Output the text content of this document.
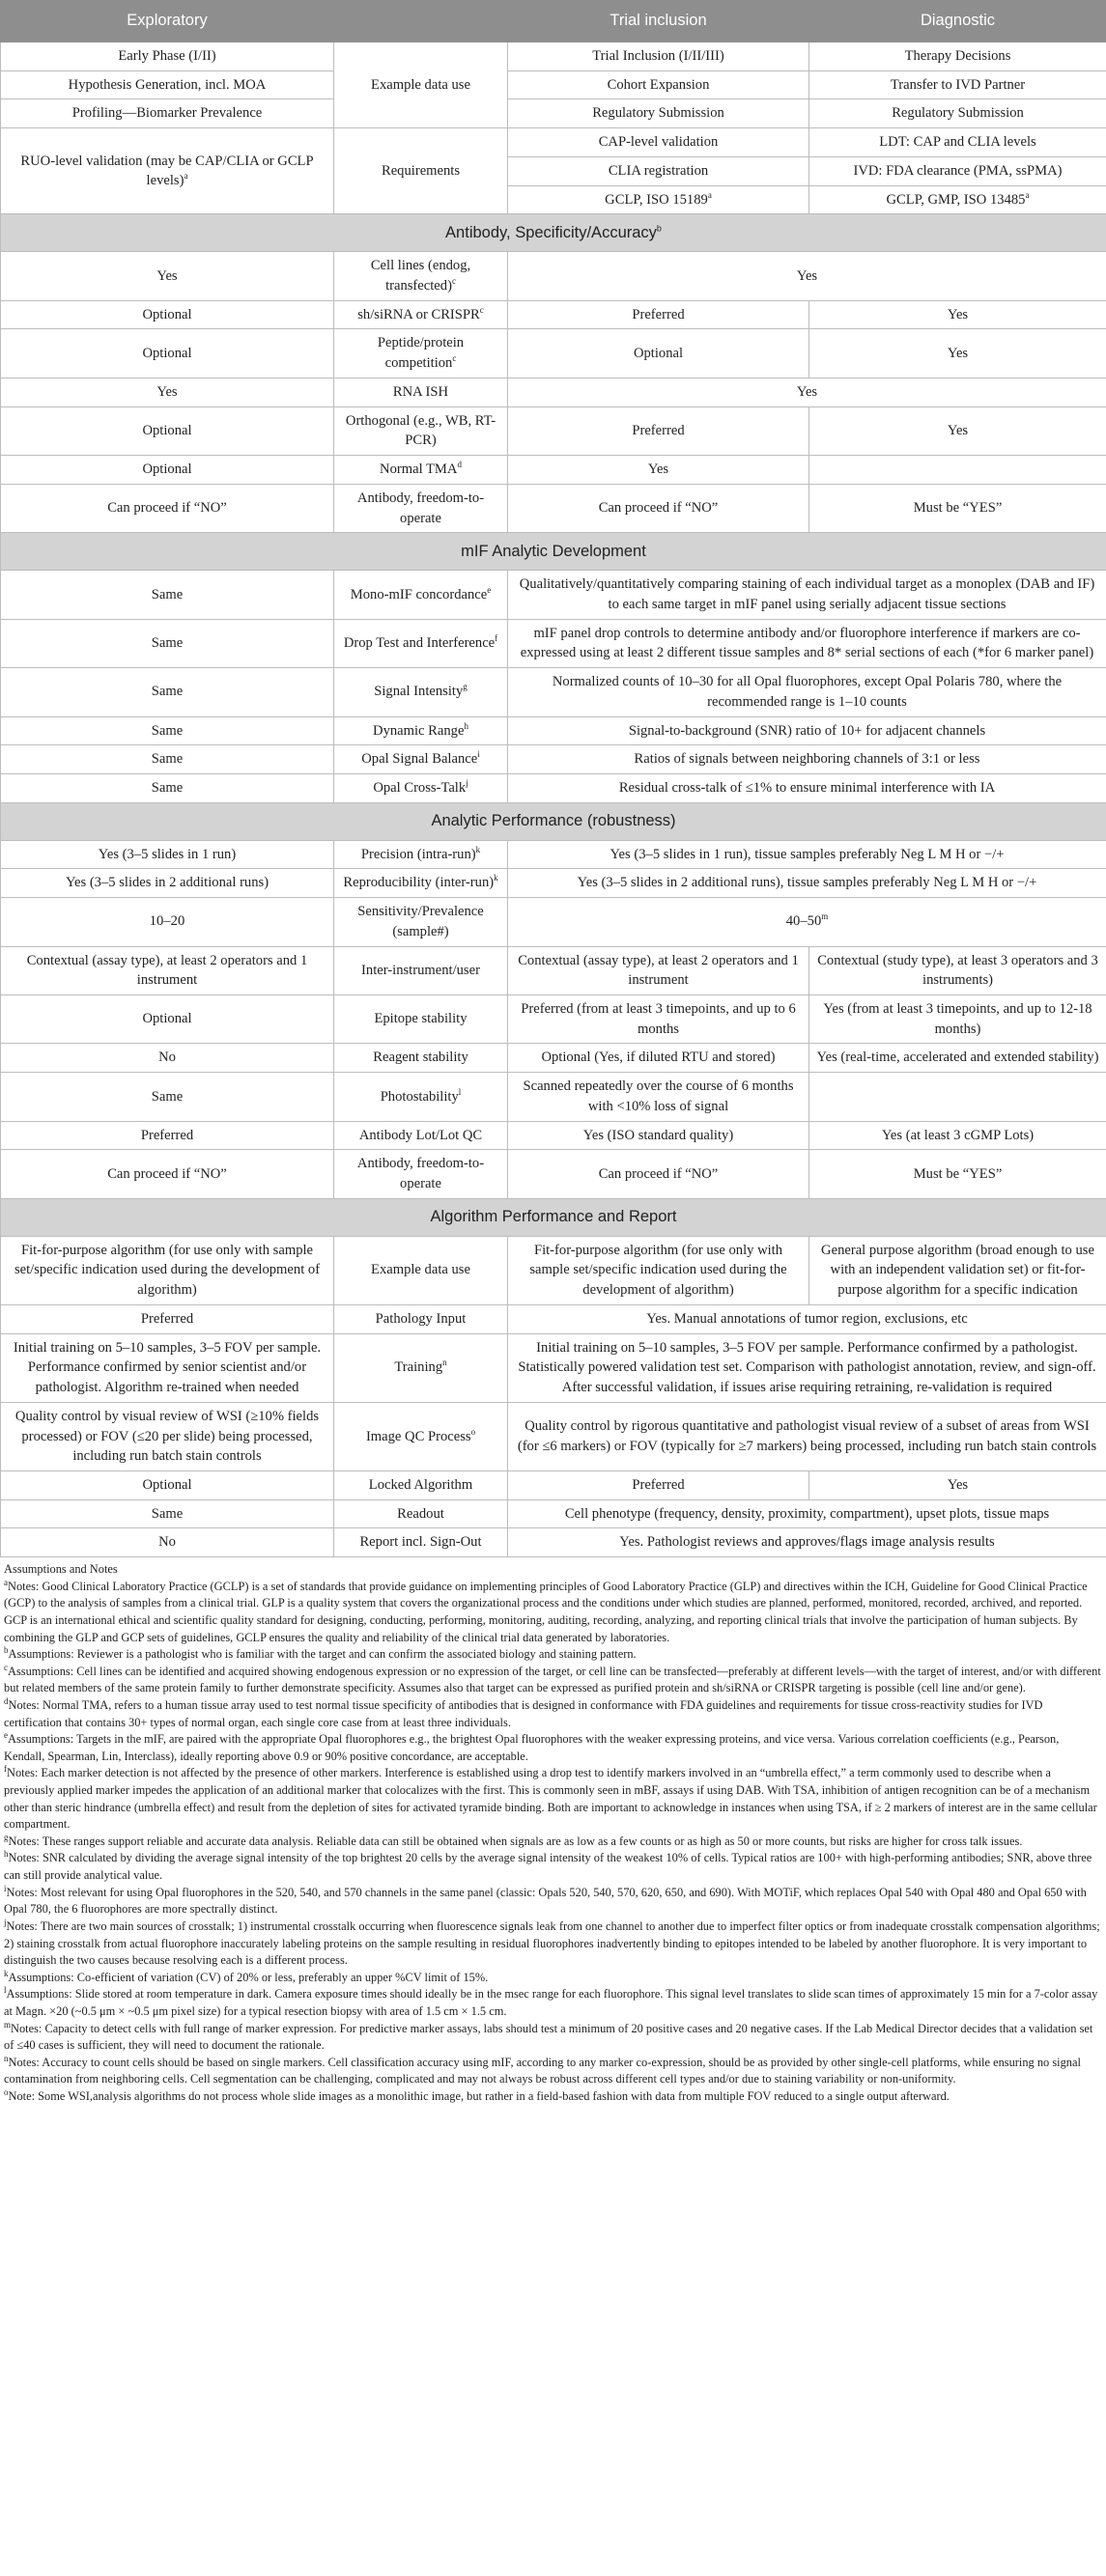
Exploratory		Trial inclusion	Diagnostic
Early Phase (I/II)	Example data use	Trial Inclusion (I/II/III)	Therapy Decisions
Hypothesis Generation, incl. MOA		Cohort Expansion	Transfer to IVD Partner
Profiling—Biomarker Prevalence		Regulatory Submission	Regulatory Submission
RUO-level validation (may be CAP/CLIA or GCLP levels)$^a$	Requirements	CAP-level validation	LDT: CAP and CLIA levels
		CLIA registration	IVD: FDA clearance (PMA, ssPMA)
		GCLP, ISO 15189$^a$	GCLP, GMP, ISO 13485$^a$
Antibody, Specificity/Accuracy$^b$
Yes	Cell lines (endog, transfected)$^c$	Yes	
Optional	sh/siRNA or CRISPR$^c$	Preferred	Yes
Optional	Peptide/protein competition$^c$	Optional	Yes
Yes	RNA ISH	Yes	
Optional	Orthogonal (e.g., WB, RT-PCR)	Preferred	Yes
Optional	Normal TMA$^d$	Yes	
Can proceed if “NO”	Antibody, freedom-to-operate	Can proceed if “NO”	Must be “YES”
mIF Analytic Development			
Same	Mono-mIF concordance$^e$	Qualitatively/quantitatively comparing staining of each individual target as a monoplex (DAB and IF) to each same target in mIF panel using serially adjacent tissue sections	
Same	Drop Test and Interference$^f$	mIF panel drop controls to determine antibody and/or fluorophore interference if markers are co-expressed using at least 2 different tissue samples and 8* serial sections of each (*for 6 marker panel)	
Same	Signal Intensity$^g$	Normalized counts of 10–30 for all Opal fluorophores, except Opal Polaris 780, where the recommended range is 1–10 counts	
Same	Dynamic Range$^h$	Signal-to-background (SNR) ratio of 10+ for adjacent channels	
Same	Opal Signal Balance$^i$	Ratios of signals between neighboring channels of 3:1 or less	
Same	Opal Cross-Talk$^j$	Residual cross-talk of ≤1% to ensure minimal interference with IA	
Analytic Performance (robustness)			
Yes (3–5 slides in 1 run)	Precision (intra-run)$^k$	Yes (3–5 slides in 1 run), tissue samples preferably Neg L M H or −/+	
Yes (3–5 slides in 2 additional runs)	Reproducibility (inter-run)$^k$	Yes (3–5 slides in 2 additional runs), tissue samples preferably Neg L M H or −/+	
10–20	Sensitivity/Prevalence (sample#)	40–50$^m$
Contextual (assay type), at least 2 operators and 1 instrument	Inter-instrument/user	Contextual (assay type), at least 2 operators and 1 instrument	Contextual (study type), at least 3 operators and 3 instruments)
Optional	Epitope stability	Preferred (from at least 3 timepoints, and up to 6 months	Yes (from at least 3 timepoints, and up to 12-18 months)
No	Reagent stability	Optional (Yes, if diluted RTU and stored)	Yes (real-time, accelerated and extended stability)
Same	Photostability$^l$	Scanned repeatedly over the course of 6 months with <10% loss of signal	
Preferred	Antibody Lot/Lot QC	Yes (ISO standard quality)	Yes (at least 3 cGMP Lots)
Can proceed if “NO”	Antibody, freedom-to-operate	Can proceed if “NO”	Must be “YES”
Algorithm Performance and Report			
Fit-for-purpose algorithm (for use only with sample set/specific indication used during the development of algorithm)	Example data use	Fit-for-purpose algorithm (for use only with sample set/specific indication used during the development of algorithm)	General purpose algorithm (broad enough to use with an independent validation set) or fit-for-purpose algorithm for a specific indication
Preferred	Pathology Input	Yes. Manual annotations of tumor region, exclusions, etc	
Initial training on 5–10 samples, 3–5 FOV per sample. Performance confirmed by senior scientist and/or pathologist. Algorithm re-trained when needed	Training$^n$	Initial training on 5–10 samples, 3–5 FOV per sample. Performance confirmed by a pathologist. Statistically powered validation test set. Comparison with pathologist annotation, review, and sign-off. After successful validation, if issues arise requiring retraining, re-validation is required	
Quality control by visual review of WSI (≥10% fields processed) or FOV (≤20 per slide) being processed, including run batch stain controls	Image QC Process$^o$	Quality control by rigorous quantitative and pathologist visual review of a subset of areas from WSI (for ≤6 markers) or FOV (typically for ≥7 markers) being processed, including run batch stain controls	
Optional	Locked Algorithm	Preferred	Yes
Same	Readout	Cell phenotype (frequency, density, proximity, compartment), upset plots, tissue maps	
No	Report incl. Sign-Out	Yes. Pathologist reviews and approves/flags image analysis results	

Assumptions and Notes

$^a$Notes: Good Clinical Laboratory Practice (GCLP) is a set of standards that provide guidance on implementing principles of Good Laboratory Practice (GLP) and directives within the ICH, Guideline for Good Clinical Practice (GCP) to the analysis of samples from a clinical trial. GLP is a quality system that covers the organizational process and the conditions under which studies are planned, performed, monitored, recorded, archived, and reported. GCP is an international ethical and scientific quality standard for designing, conducting, performing, monitoring, auditing, recording, analyzing, and reporting clinical trials that involve the participation of human subjects. By combining the GLP and GCP sets of guidelines, GCLP ensures the quality and reliability of the clinical trial data generated by laboratories.

$^b$Assumptions: Reviewer is a pathologist who is familiar with the target and can confirm the associated biology and staining pattern.

$^c$Assumptions: Cell lines can be identified and acquired showing endogenous expression or no expression of the target, or cell line can be transfected—preferably at different levels—with the target of interest, and/or with different but related members of the same protein family to further demonstrate specificity. Assumes also that target can be expressed as purified protein and sh/siRNA or CRISPR targeting is possible (cell line and/or gene).

$^d$Notes: Normal TMA, refers to a human tissue array used to test normal tissue specificity of antibodies that is designed in conformance with FDA guidelines and requirements for tissue cross-reactivity studies for IVD certification that contains 30+ types of normal organ, each single core case from at least three individuals.

$^e$Assumptions: Targets in the mIF, are paired with the appropriate Opal fluorophores e.g., the brightest Opal fluorophores with the weaker expressing proteins, and vice versa. Various correlation coefficients (e.g., Pearson, Kendall, Spearman, Lin, Interclass), ideally reporting above 0.9 or 90% positive concordance, are acceptable.

$^f$Notes: Each marker detection is not affected by the presence of other markers. Interference is established using a drop test to identify markers involved in an “umbrella effect,” a term commonly used to describe when a previously applied marker impedes the application of an additional marker that colocalizes with the first. This is commonly seen in mBF, assays if using DAB. With TSA, inhibition of antigen recognition can be of a mechanism other than steric hindrance (umbrella effect) and result from the depletion of sites for activated tyramide binding. Both are important to acknowledge in instances when using TSA, if ≥ 2 markers of interest are in the same cellular compartment.

$^g$Notes: These ranges support reliable and accurate data analysis. Reliable data can still be obtained when signals are as low as a few counts or as high as 50 or more counts, but risks are higher for cross talk issues.

$^h$Notes: SNR calculated by dividing the average signal intensity of the top brightest 20 cells by the average signal intensity of the weakest 10% of cells. Typical ratios are 100+ with high-performing antibodies; SNR, above three can still provide analytical value.

$^i$Notes: Most relevant for using Opal fluorophores in the 520, 540, and 570 channels in the same panel (classic: Opals 520, 540, 570, 620, 650, and 690). With MOTiF, which replaces Opal 540 with Opal 480 and Opal 650 with Opal 780, the 6 fluorophores are more spectrally distinct.

$^j$Notes: There are two main sources of crosstalk; 1) instrumental crosstalk occurring when fluorescence signals leak from one channel to another due to imperfect filter optics or from inadequate crosstalk compensation algorithms; 2) staining crosstalk from actual fluorophore inaccurately labeling proteins on the sample resulting in residual fluorophores inadvertently binding to epitopes intended to be labeled by another fluorophore. It is very important to distinguish the two causes because resolving each is a different process.

$^k$Assumptions: Co-efficient of variation (CV) of 20% or less, preferably an upper %CV limit of 15%.

$^l$Assumptions: Slide stored at room temperature in dark. Camera exposure times should ideally be in the msec range for each fluorophore. This signal level translates to slide scan times of approximately 15 min for a 7-color assay at Magn. ×20 (~0.5 μm × ~0.5 μm pixel size) for a typical resection biopsy with area of 1.5 cm × 1.5 cm.

$^m$Notes: Capacity to detect cells with full range of marker expression. For predictive marker assays, labs should test a minimum of 20 positive cases and 20 negative cases. If the Lab Medical Director decides that a validation set of ≤40 cases is sufficient, they will need to document the rationale.

$^n$Notes: Accuracy to count cells should be based on single markers. Cell classification accuracy using mIF, according to any marker co-expression, should be as provided by other single-cell platforms, while ensuring no signal contamination from neighboring cells. Cell segmentation can be challenging, complicated and may not always be robust across different cell types and/or due to staining variability or non-uniformity.

$^o$Note: Some WSI,analysis algorithms do not process whole slide images as a monolithic image, but rather in a field-based fashion with data from multiple FOV reduced to a single output afterward.
